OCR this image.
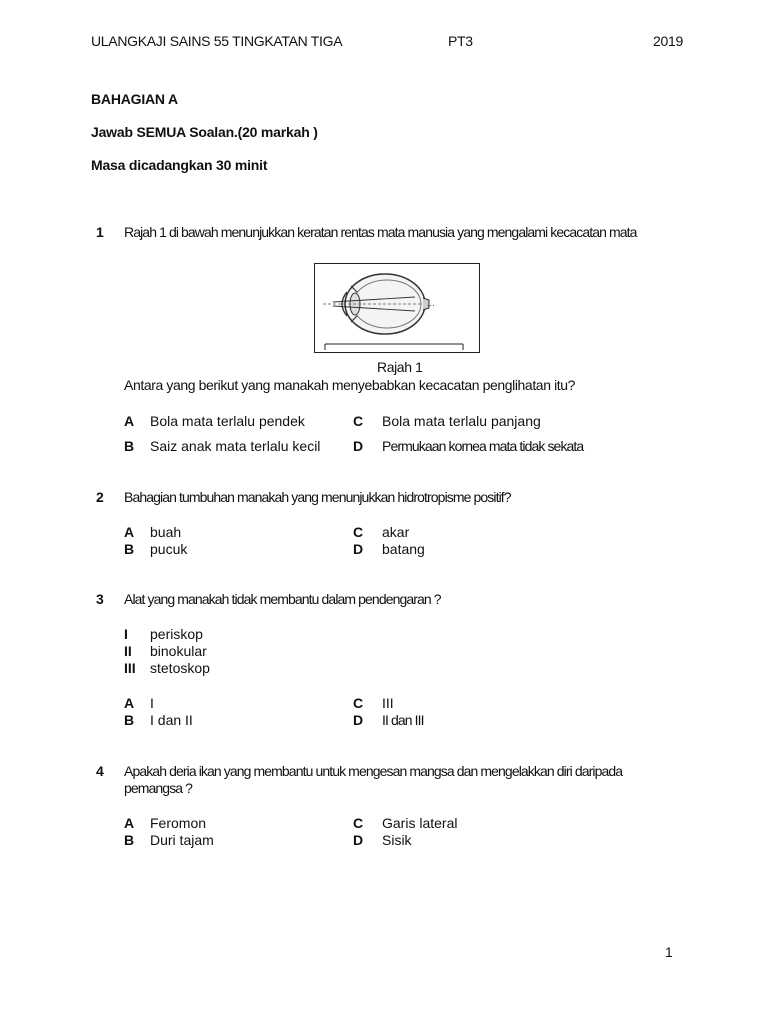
ULANGKAJI SAINS 55 TINGKATAN TIGA	PT3	2019
BAHAGIAN A
Jawab SEMUA Soalan.(20 markah )
Masa dicadangkan 30 minit
1 Rajah 1 di bawah menunjukkan keratan rentas mata manusia yang mengalami kecacatan mata
...
Rajah 1
Antara yang berikut yang manakah menyebabkan kecacatan penglihatan itu?
A Bola mata terlalu pendek	C Bola mata terlalu panjang
B Saiz anak mata terlalu kecil D Permukaan kornea mata tidak sekata
2 Bahagian tumbuhan manakah yang menunjukkan hidrotropisme positif?
A buah	C akar
B pucuk	D batang
3 Alat yang manakah tidak membantu dalam pendengaran ?
I periskop
II binokular
III stetoskop
A I	C III
B I dan II	D II dan III
4 Apakah deria ikan yang membantu untuk mengesan mangsa dan mengelakkan diri daripada
pemangsa ?
A Feromon	C Garis lateral
B Duri tajam	D Sisik
1
